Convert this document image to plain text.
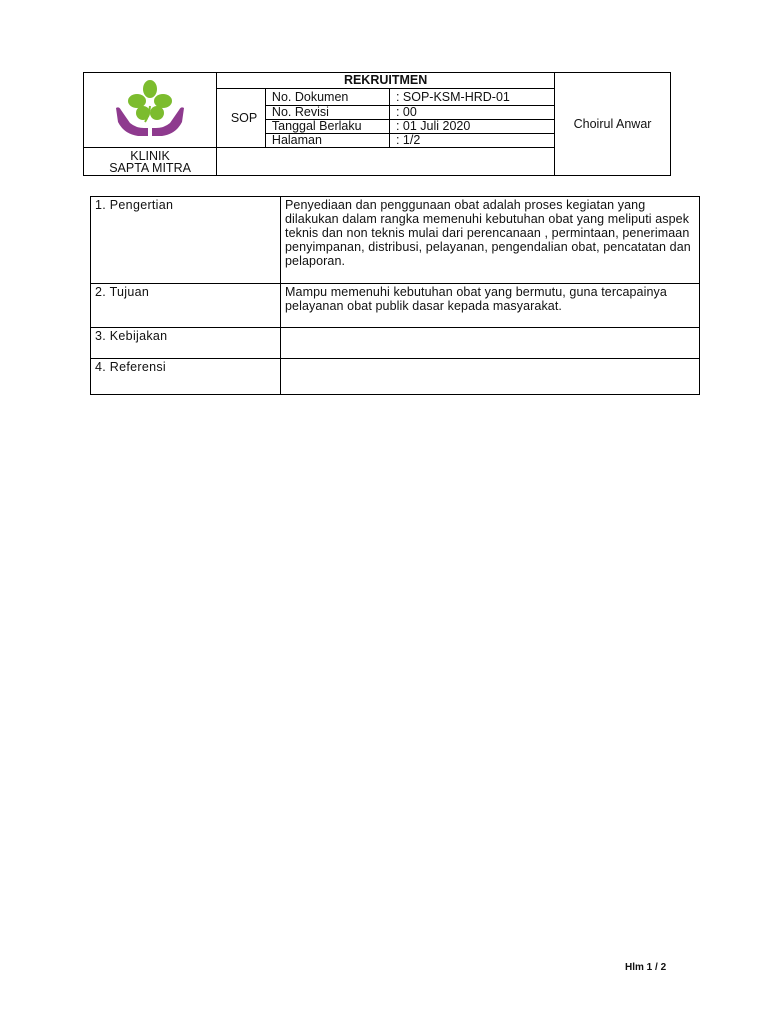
	REKRUITMEN			Choirul Anwar
	SOP	No. Dokumen	: SOP-KSM-HRD-01	
		No. Revisi	: 00	
		Tanggal Berlaku	: 01 Juli 2020	
		Halaman	: 1/2	
KLINIK
SAPTA MITRA				
1. Pengertian	Penyediaan dan penggunaan obat adalah proses kegiatan yang dilakukan dalam rangka memenuhi kebutuhan obat yang meliputi aspek teknis dan non teknis mulai dari perencanaan , permintaan, penerimaan penyimpanan, distribusi, pelayanan, pengendalian obat, pencatatan dan pelaporan.
2. Tujuan	Mampu memenuhi kebutuhan obat yang bermutu, guna tercapainya pelayanan obat publik dasar kepada masyarakat.
3. Kebijakan	
4. Referensi	
Hlm 1 / 2
